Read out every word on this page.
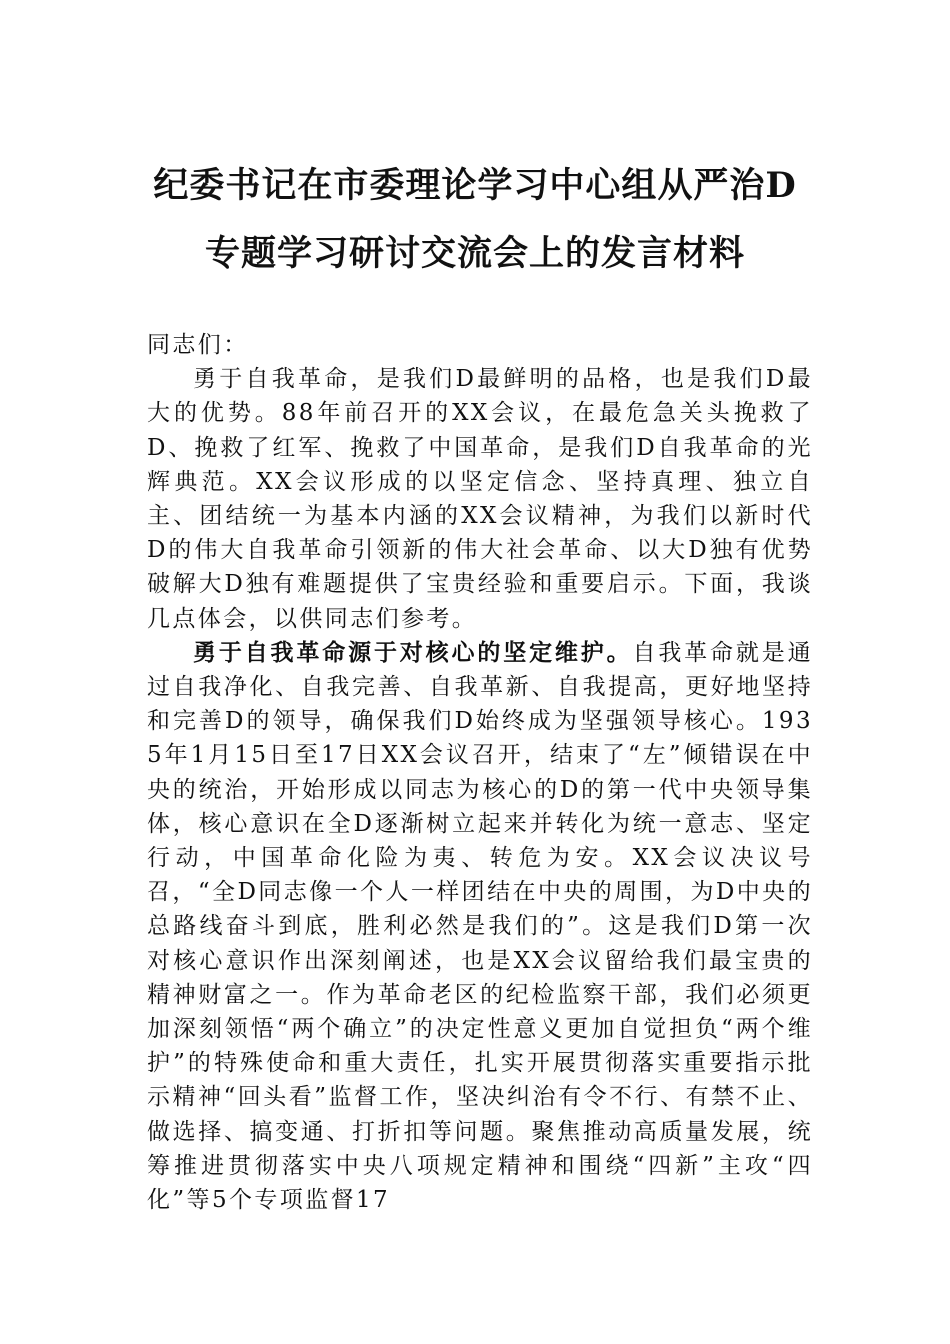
纪委书记在市委理论学习中心组从严治D
专题学习研讨交流会上的发言材料

同志们：

勇于自我革命，是我们D最鲜明的品格，也是我们D最大的优势。88年前召开的XX会议，在最危急关头挽救了D、挽救了红军、挽救了中国革命，是我们D自我革命的光辉典范。XX会议形成的以坚定信念、坚持真理、独立自主、团结统一为基本内涵的XX会议精神，为我们以新时代D的伟大自我革命引领新的伟大社会革命、以大D独有优势破解大D独有难题提供了宝贵经验和重要启示。下面，我谈几点体会，以供同志们参考。

勇于自我革命源于对核心的坚定维护。自我革命就是通过自我净化、自我完善、自我革新、自我提高，更好地坚持和完善D的领导，确保我们D始终成为坚强领导核心。1935年1月15日至17日XX会议召开，结束了“左”倾错误在中央的统治，开始形成以同志为核心的D的第一代中央领导集体，核心意识在全D逐渐树立起来并转化为统一意志、坚定行动，中国革命化险为夷、转危为安。XX会议决议号召，“全D同志像一个人一样团结在中央的周围，为D中央的总路线奋斗到底，胜利必然是我们的”。这是我们D第一次对核心意识作出深刻阐述，也是XX会议留给我们最宝贵的精神财富之一。作为革命老区的纪检监察干部，我们必须更加深刻领悟“两个确立”的决定性意义更加自觉担负“两个维护”的特殊使命和重大责任，扎实开展贯彻落实重要指示批示精神“回头看”监督工作，坚决纠治有令不行、有禁不止、做选择、搞变通、打折扣等问题。聚焦推动高质量发展，统筹推进贯彻落实中央八项规定精神和围绕“四新”主攻“四化”等5个专项监督17
